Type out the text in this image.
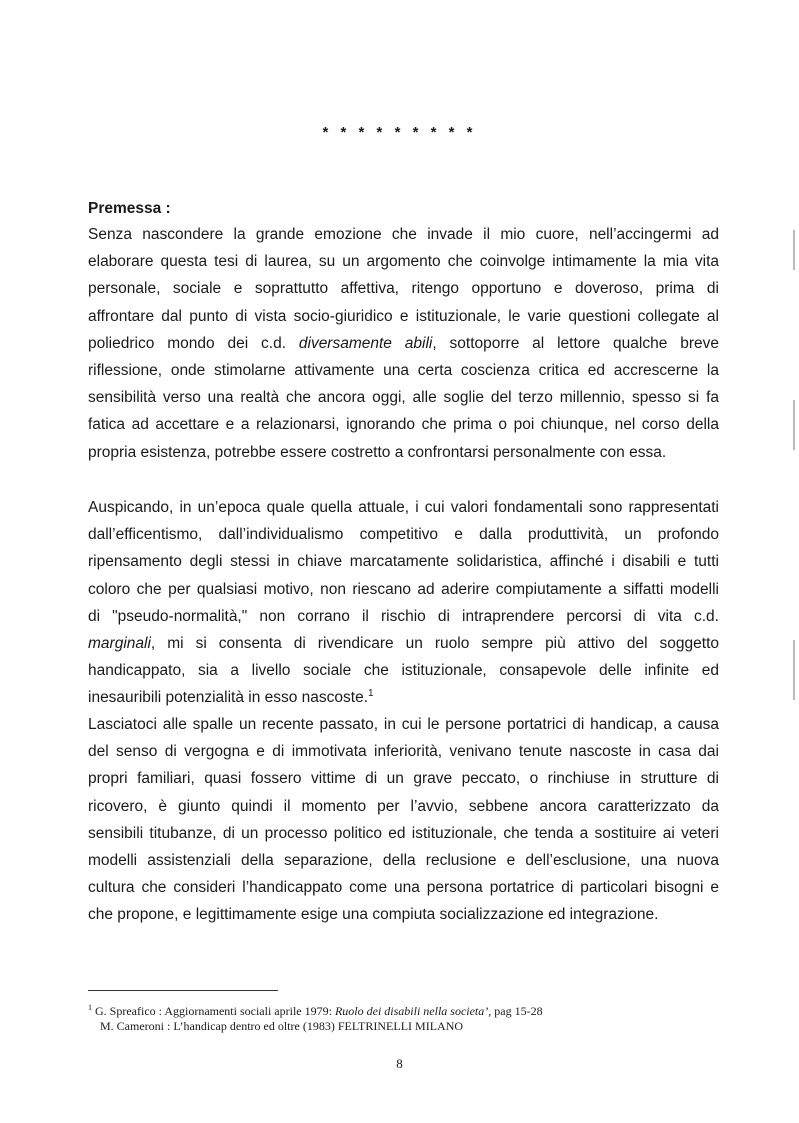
* * * * * * * * *
Premessa :
Senza nascondere la grande emozione che invade il mio cuore, nell’accingermi ad
elaborare questa tesi di laurea, su un argomento che coinvolge intimamente la mia vita
personale, sociale e soprattutto affettiva, ritengo opportuno e doveroso, prima di
affrontare dal punto di vista socio-giuridico e istituzionale, le varie questioni collegate al
poliedrico mondo dei c.d. diversamente abili, sottoporre al lettore qualche breve
riflessione, onde stimolarne attivamente una certa coscienza critica ed accrescerne la
sensibilità verso una realtà che ancora oggi, alle soglie del terzo millennio, spesso si fa
fatica ad accettare e a relazionarsi, ignorando che prima o poi chiunque, nel corso della
propria esistenza, potrebbe essere costretto a confrontarsi personalmente con essa.
Auspicando, in un’epoca quale quella attuale, i cui valori fondamentali sono rappresentati
dall’efficentismo, dall’individualismo competitivo e dalla produttività, un profondo
ripensamento degli stessi in chiave marcatamente solidaristica, affinché i disabili e tutti
coloro che per qualsiasi motivo, non riescano ad aderire compiutamente a siffatti modelli
di "pseudo-normalità," non corrano il rischio di intraprendere percorsi di vita c.d.
marginali, mi si consenta di rivendicare un ruolo sempre più attivo del soggetto
handicappato, sia a livello sociale che istituzionale, consapevole delle infinite ed
inesauribili potenzialità in esso nascoste.$^1$
Lasciatoci alle spalle un recente passato, in cui le persone portatrici di handicap, a causa
del senso di vergogna e di immotivata inferiorità, venivano tenute nascoste in casa dai
propri familiari, quasi fossero vittime di un grave peccato, o rinchiuse in strutture di
ricovero, è giunto quindi il momento per l’avvio, sebbene ancora caratterizzato da
sensibili titubanze, di un processo politico ed istituzionale, che tenda a sostituire ai veteri
modelli assistenziali della separazione, della reclusione e dell’esclusione, una nuova
cultura che consideri l’handicappato come una persona portatrice di particolari bisogni e
che propone, e legittimamente esige una compiuta socializzazione ed integrazione.
$^1$ G. Spreafico : Aggiornamenti sociali aprile 1979: Ruolo dei disabili nella societa’, pag 15-28
M. Cameroni : L’handicap dentro ed oltre (1983) FELTRINELLI MILANO
8
